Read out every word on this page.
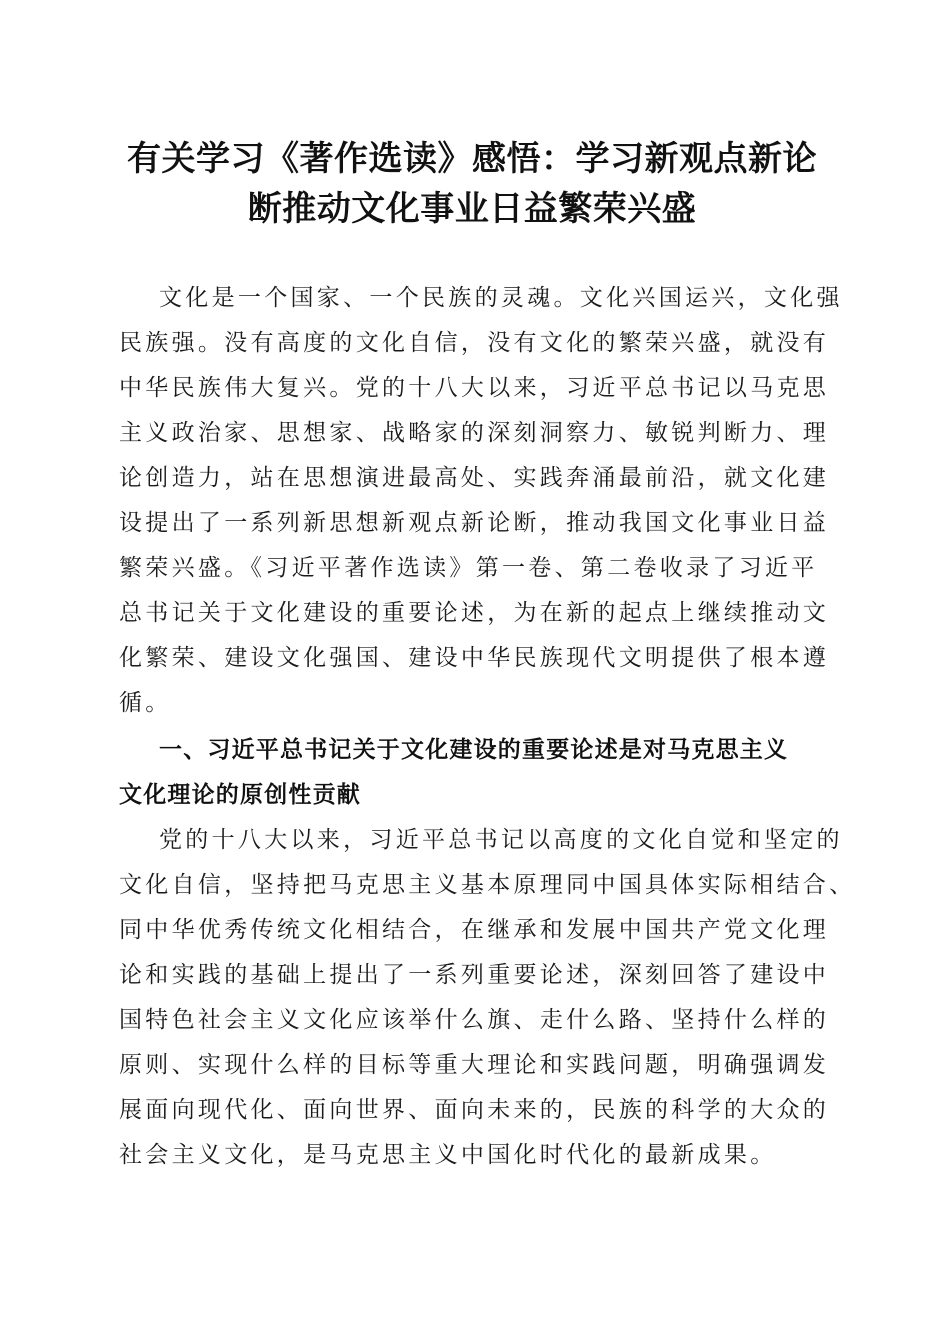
有关学习《著作选读》感悟：学习新观点新论
断推动文化事业日益繁荣兴盛
文化是一个国家、一个民族的灵魂。文化兴国运兴，文化强
民族强。没有高度的文化自信，没有文化的繁荣兴盛，就没有
中华民族伟大复兴。党的十八大以来，习近平总书记以马克思
主义政治家、思想家、战略家的深刻洞察力、敏锐判断力、理
论创造力，站在思想演进最高处、实践奔涌最前沿，就文化建
设提出了一系列新思想新观点新论断，推动我国文化事业日益
繁荣兴盛。《习近平著作选读》第一卷、第二卷收录了习近平
总书记关于文化建设的重要论述，为在新的起点上继续推动文
化繁荣、建设文化强国、建设中华民族现代文明提供了根本遵
循。
一、习近平总书记关于文化建设的重要论述是对马克思主义
文化理论的原创性贡献
党的十八大以来，习近平总书记以高度的文化自觉和坚定的
文化自信，坚持把马克思主义基本原理同中国具体实际相结合、
同中华优秀传统文化相结合，在继承和发展中国共产党文化理
论和实践的基础上提出了一系列重要论述，深刻回答了建设中
国特色社会主义文化应该举什么旗、走什么路、坚持什么样的
原则、实现什么样的目标等重大理论和实践问题，明确强调发
展面向现代化、面向世界、面向未来的，民族的科学的大众的
社会主义文化，是马克思主义中国化时代化的最新成果。
